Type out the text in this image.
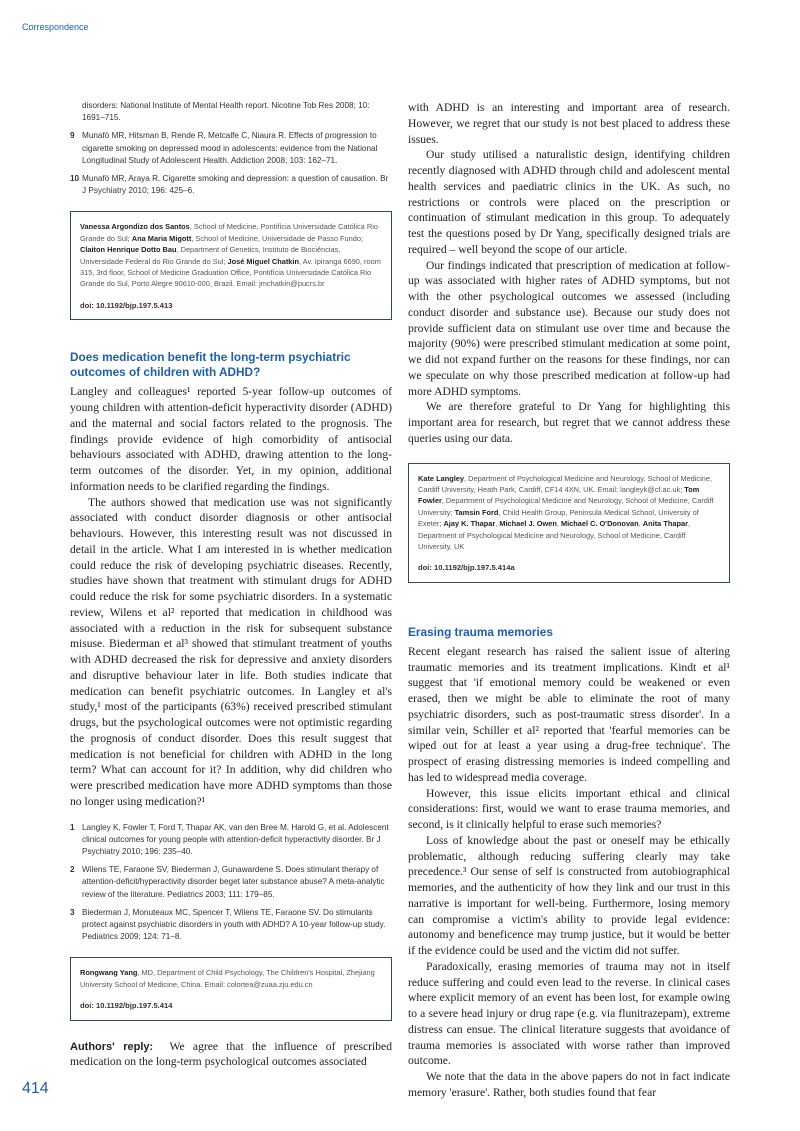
Correspondence
disorders: National Institute of Mental Health report. Nicotine Tob Res 2008; 10: 1691–715.
9 Munafò MR, Hitsman B, Rende R, Metcalfe C, Niaura R. Effects of progression to cigarette smoking on depressed mood in adolescents: evidence from the National Longitudinal Study of Adolescent Health. Addiction 2008; 103: 162–71.
10 Munafò MR, Araya R. Cigarette smoking and depression: a question of causation. Br J Psychiatry 2010; 196: 425–6.
Vanessa Argondizo dos Santos, School of Medicine, Pontifícia Universidade Católica Rio Grande do Sul; Ana Maria Migott, School of Medicine, Universidade de Passo Fundo; Claiton Henrique Dotto Bau, Department of Genetics, Instituto de Biociências, Universidade Federal do Rio Grande do Sul; José Miguel Chatkin, Av. Ipiranga 6690, room 315, 3rd floor, School of Medicine Graduation Office, Pontifícia Universidade Católica Rio Grande do Sul, Porto Alegre 90610-000, Brazil. Email: jmchatkin@pucrs.br
doi: 10.1192/bjp.197.5.413
Does medication benefit the long-term psychiatric outcomes of children with ADHD?

Langley and colleagues¹ reported 5-year follow-up outcomes of young children with attention-deficit hyperactivity disorder (ADHD) and the maternal and social factors related to the prognosis. The findings provide evidence of high comorbidity of antisocial behaviours associated with ADHD, drawing attention to the long-term outcomes of the disorder. Yet, in my opinion, additional information needs to be clarified regarding the findings.

The authors showed that medication use was not significantly associated with conduct disorder diagnosis or other antisocial behaviours. However, this interesting result was not discussed in detail in the article. What I am interested in is whether medication could reduce the risk of developing psychiatric diseases. Recently, studies have shown that treatment with stimulant drugs for ADHD could reduce the risk for some psychiatric disorders. In a systematic review, Wilens et al² reported that medication in childhood was associated with a reduction in the risk for subsequent substance misuse. Biederman et al³ showed that stimulant treatment of youths with ADHD decreased the risk for depressive and anxiety disorders and disruptive behaviour later in life. Both studies indicate that medication can benefit psychiatric outcomes. In Langley et al's study,¹ most of the participants (63%) received prescribed stimulant drugs, but the psychological outcomes were not optimistic regarding the prognosis of conduct disorder. Does this result suggest that medication is not beneficial for children with ADHD in the long term? What can account for it? In addition, why did children who were prescribed medication have more ADHD symptoms than those no longer using medication?¹

1 Langley K, Fowler T, Ford T, Thapar AK, van den Bree M, Harold G, et al. Adolescent clinical outcomes for young people with attention-deficit hyperactivity disorder. Br J Psychiatry 2010; 196: 235–40.
2 Wilens TE, Faraone SV, Biederman J, Gunawardene S. Does stimulant therapy of attention-deficit/hyperactivity disorder beget later substance abuse? A meta-analytic review of the literature. Pediatrics 2003; 111: 179–85.
3 Biederman J, Monuteaux MC, Spencer T, Wilens TE, Faraone SV. Do stimulants protect against psychiatric disorders in youth with ADHD? A 10-year follow-up study. Pediatrics 2009; 124: 71–8.
Rongwang Yang, MD, Department of Child Psychology, The Children's Hospital, Zhejiang University School of Medicine, China. Email: colortea@zuaa.zju.edu.cn
doi: 10.1192/bjp.197.5.414

Authors' reply: We agree that the influence of prescribed medication on the long-term psychological outcomes associated

with ADHD is an interesting and important area of research. However, we regret that our study is not best placed to address these issues.

Our study utilised a naturalistic design, identifying children recently diagnosed with ADHD through child and adolescent mental health services and paediatric clinics in the UK. As such, no restrictions or controls were placed on the prescription or continuation of stimulant medication in this group. To adequately test the questions posed by Dr Yang, specifically designed trials are required – well beyond the scope of our article.

Our findings indicated that prescription of medication at follow-up was associated with higher rates of ADHD symptoms, but not with the other psychological outcomes we assessed (including conduct disorder and substance use). Because our study does not provide sufficient data on stimulant use over time and because the majority (90%) were prescribed stimulant medication at some point, we did not expand further on the reasons for these findings, nor can we speculate on why those prescribed medication at follow-up had more ADHD symptoms.

We are therefore grateful to Dr Yang for highlighting this important area for research, but regret that we cannot address these queries using our data.

Kate Langley, Department of Psychological Medicine and Neurology, School of Medicine, Cardiff University, Heath Park, Cardiff, CF14 4XN, UK. Email: langleyk@cf.ac.uk; Tom Fowler, Department of Psychological Medicine and Neurology, School of Medicine, Cardiff University; Tamsin Ford, Child Health Group, Peninsula Medical School, University of Exeter; Ajay K. Thapar, Michael J. Owen, Michael C. O'Donovan, Anita Thapar, Department of Psychological Medicine and Neurology, School of Medicine, Cardiff University, UK
doi: 10.1192/bjp.197.5.414a
Erasing trauma memories

Recent elegant research has raised the salient issue of altering traumatic memories and its treatment implications. Kindt et al¹ suggest that 'if emotional memory could be weakened or even erased, then we might be able to eliminate the root of many psychiatric disorders, such as post-traumatic stress disorder'. In a similar vein, Schiller et al² reported that 'fearful memories can be wiped out for at least a year using a drug-free technique'. The prospect of erasing distressing memories is indeed compelling and has led to widespread media coverage.

However, this issue elicits important ethical and clinical considerations: first, would we want to erase trauma memories, and second, is it clinically helpful to erase such memories?

Loss of knowledge about the past or oneself may be ethically problematic, although reducing suffering clearly may take precedence.³ Our sense of self is constructed from autobiographical memories, and the authenticity of how they link and our trust in this narrative is important for well-being. Furthermore, losing memory can compromise a victim's ability to provide legal evidence: autonomy and beneficence may trump justice, but it would be better if the evidence could be used and the victim did not suffer.

Paradoxically, erasing memories of trauma may not in itself reduce suffering and could even lead to the reverse. In clinical cases where explicit memory of an event has been lost, for example owing to a severe head injury or drug rape (e.g. via flunitrazepam), extreme distress can ensue. The clinical literature suggests that avoidance of trauma memories is associated with worse rather than improved outcome.

We note that the data in the above papers do not in fact indicate memory 'erasure'. Rather, both studies found that fear

414
